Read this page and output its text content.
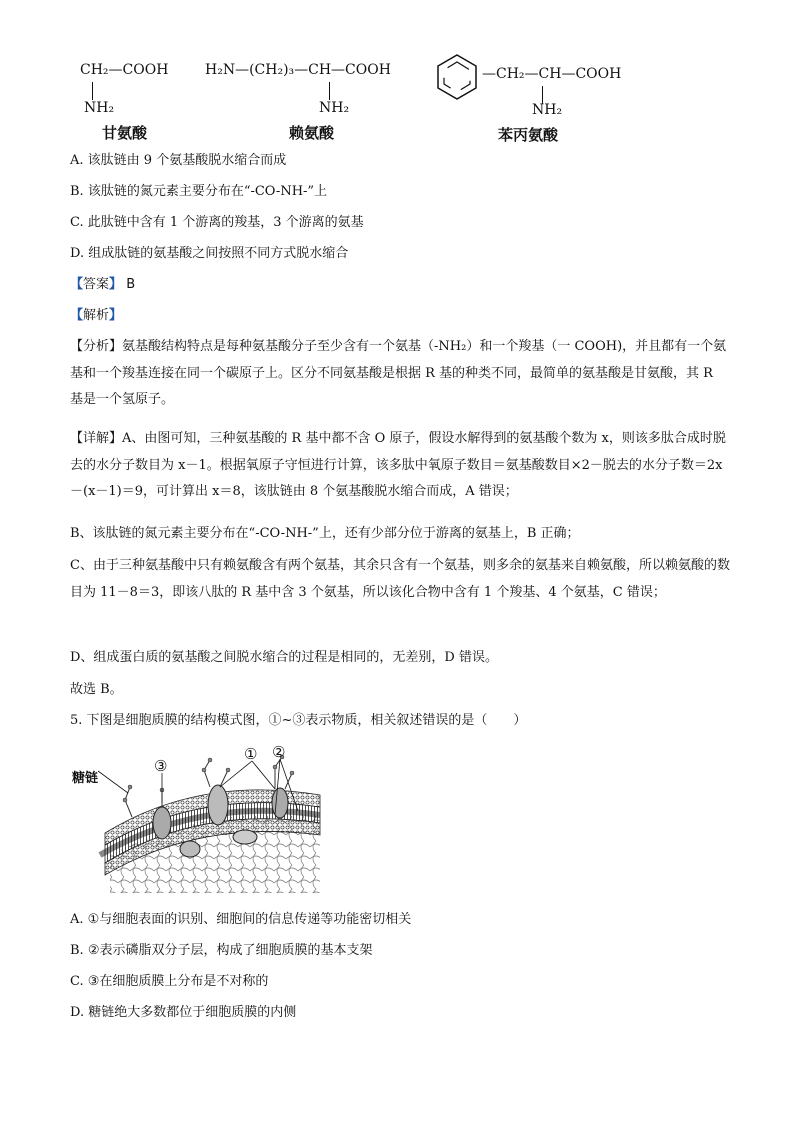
CH₂—COOH
NH₂
甘氨酸
H₂N—(CH₂)₃—CH—COOH
NH₂
赖氨酸
—CH₂—CH—COOH
NH₂
苯丙氨酸
A. 该肽链由 9 个氨基酸脱水缩合而成
B. 该肽链的氮元素主要分布在“-CO-NH-”上
C. 此肽链中含有 1 个游离的羧基，3 个游离的氨基
D. 组成肽链的氨基酸之间按照不同方式脱水缩合
【答案】 B
【解析】
【分析】氨基酸结构特点是每种氨基酸分子至少含有一个氨基（-NH₂）和一个羧基（一 COOH)，并且都有一个氨基和一个羧基连接在同一个碳原子上。区分不同氨基酸是根据 R 基的种类不同，最简单的氨基酸是甘氨酸，其 R 基是一个氢原子。
【详解】A、由图可知，三种氨基酸的 R 基中都不含 O 原子，假设水解得到的氨基酸个数为 x，则该多肽合成时脱去的水分子数目为 x－1。根据氧原子守恒进行计算，该多肽中氧原子数目＝氨基酸数目×2－脱去的水分子数＝2x－(x－1)＝9，可计算出 x＝8，该肽链由 8 个氨基酸脱水缩合而成，A 错误；
B、该肽链的氮元素主要分布在“-CO-NH-”上，还有少部分位于游离的氨基上，B 正确；
C、由于三种氨基酸中只有赖氨酸含有两个氨基，其余只含有一个氨基，则多余的氨基来自赖氨酸，所以赖氨酸的数目为 11－8＝3，即该八肽的 R 基中含 3 个氨基，所以该化合物中含有 1 个羧基、4 个氨基，C 错误；
D、组成蛋白质的氨基酸之间脱水缩合的过程是相同的，无差别，D 错误。
故选 B。
5. 下图是细胞质膜的结构模式图，①~③表示物质，相关叙述错误的是（　　）
糖链
③
① ②
A. ①与细胞表面的识别、细胞间的信息传递等功能密切相关
B. ②表示磷脂双分子层，构成了细胞质膜的基本支架
C. ③在细胞质膜上分布是不对称的
D. 糖链绝大多数都位于细胞质膜的内侧
